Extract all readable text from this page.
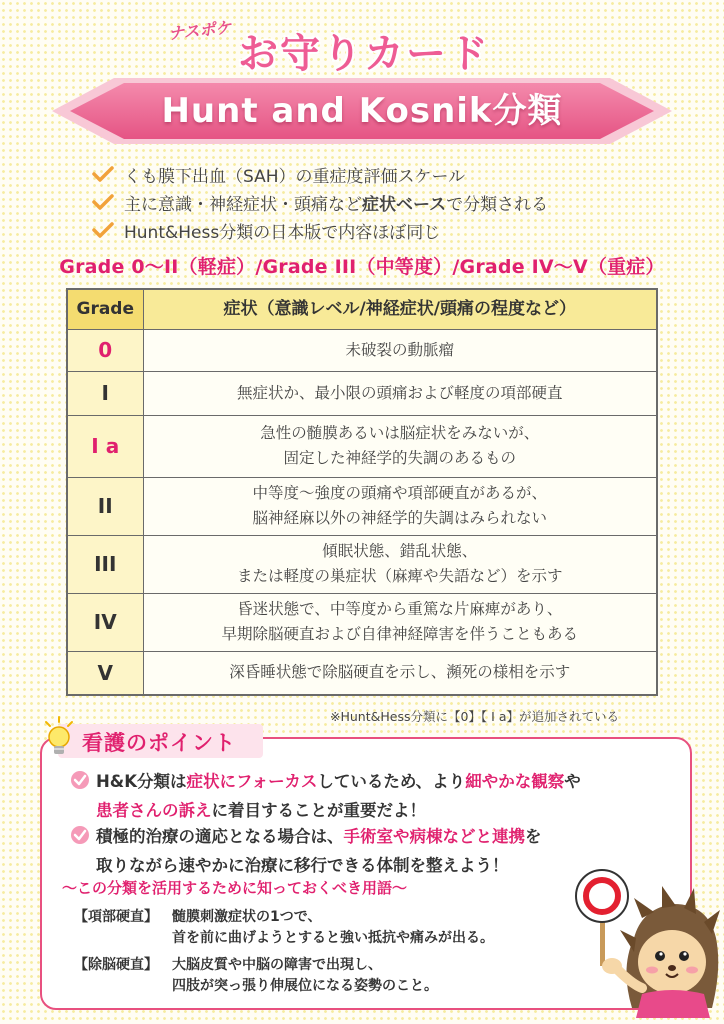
ナスポケ
お守りカード
Hunt and Kosnik分類
くも膜下出血（SAH）の重症度評価スケール
主に意識・神経症状・頭痛など症状ベースで分類される
Hunt&Hess分類の日本版で内容ほぼ同じ
Grade 0〜II（軽症）/Grade III（中等度）/Grade IV〜V（重症）
Grade	症状（意識レベル/神経症状/頭痛の程度など）
0	未破裂の動脈瘤

I	無症状か、最小限の頭痛および軽度の項部硬直

I a	急性の髄膜あるいは脳症状をみないが、
固定した神経学的失調のあるもの

II	中等度〜強度の頭痛や項部硬直があるが、
脳神経麻以外の神経学的失調はみられない

III	傾眠状態、錯乱状態、
または軽度の巣症状（麻痺や失語など）を示す

IV	昏迷状態で、中等度から重篤な片麻痺があり、
早期除脳硬直および自律神経障害を伴うこともある

V	深昏睡状態で除脳硬直を示し、瀕死の様相を示す
※Hunt&Hess分類に【0】【 I a】が追加されている
看護のポイント
H&K分類は症状にフォーカスしているため、より細やかな観察や
患者さんの訴えに着目することが重要だよ！
積極的治療の適応となる場合は、手術室や病棟などと連携を
取りながら速やかに治療に移行できる体制を整えよう！
〜この分類を活用するために知っておくべき用語〜
【項部硬直】 髄膜刺激症状の1つで、
首を前に曲げようとすると強い抵抗や痛みが出る。
【除脳硬直】 大脳皮質や中脳の障害で出現し、
四肢が突っ張り伸展位になる姿勢のこと。
